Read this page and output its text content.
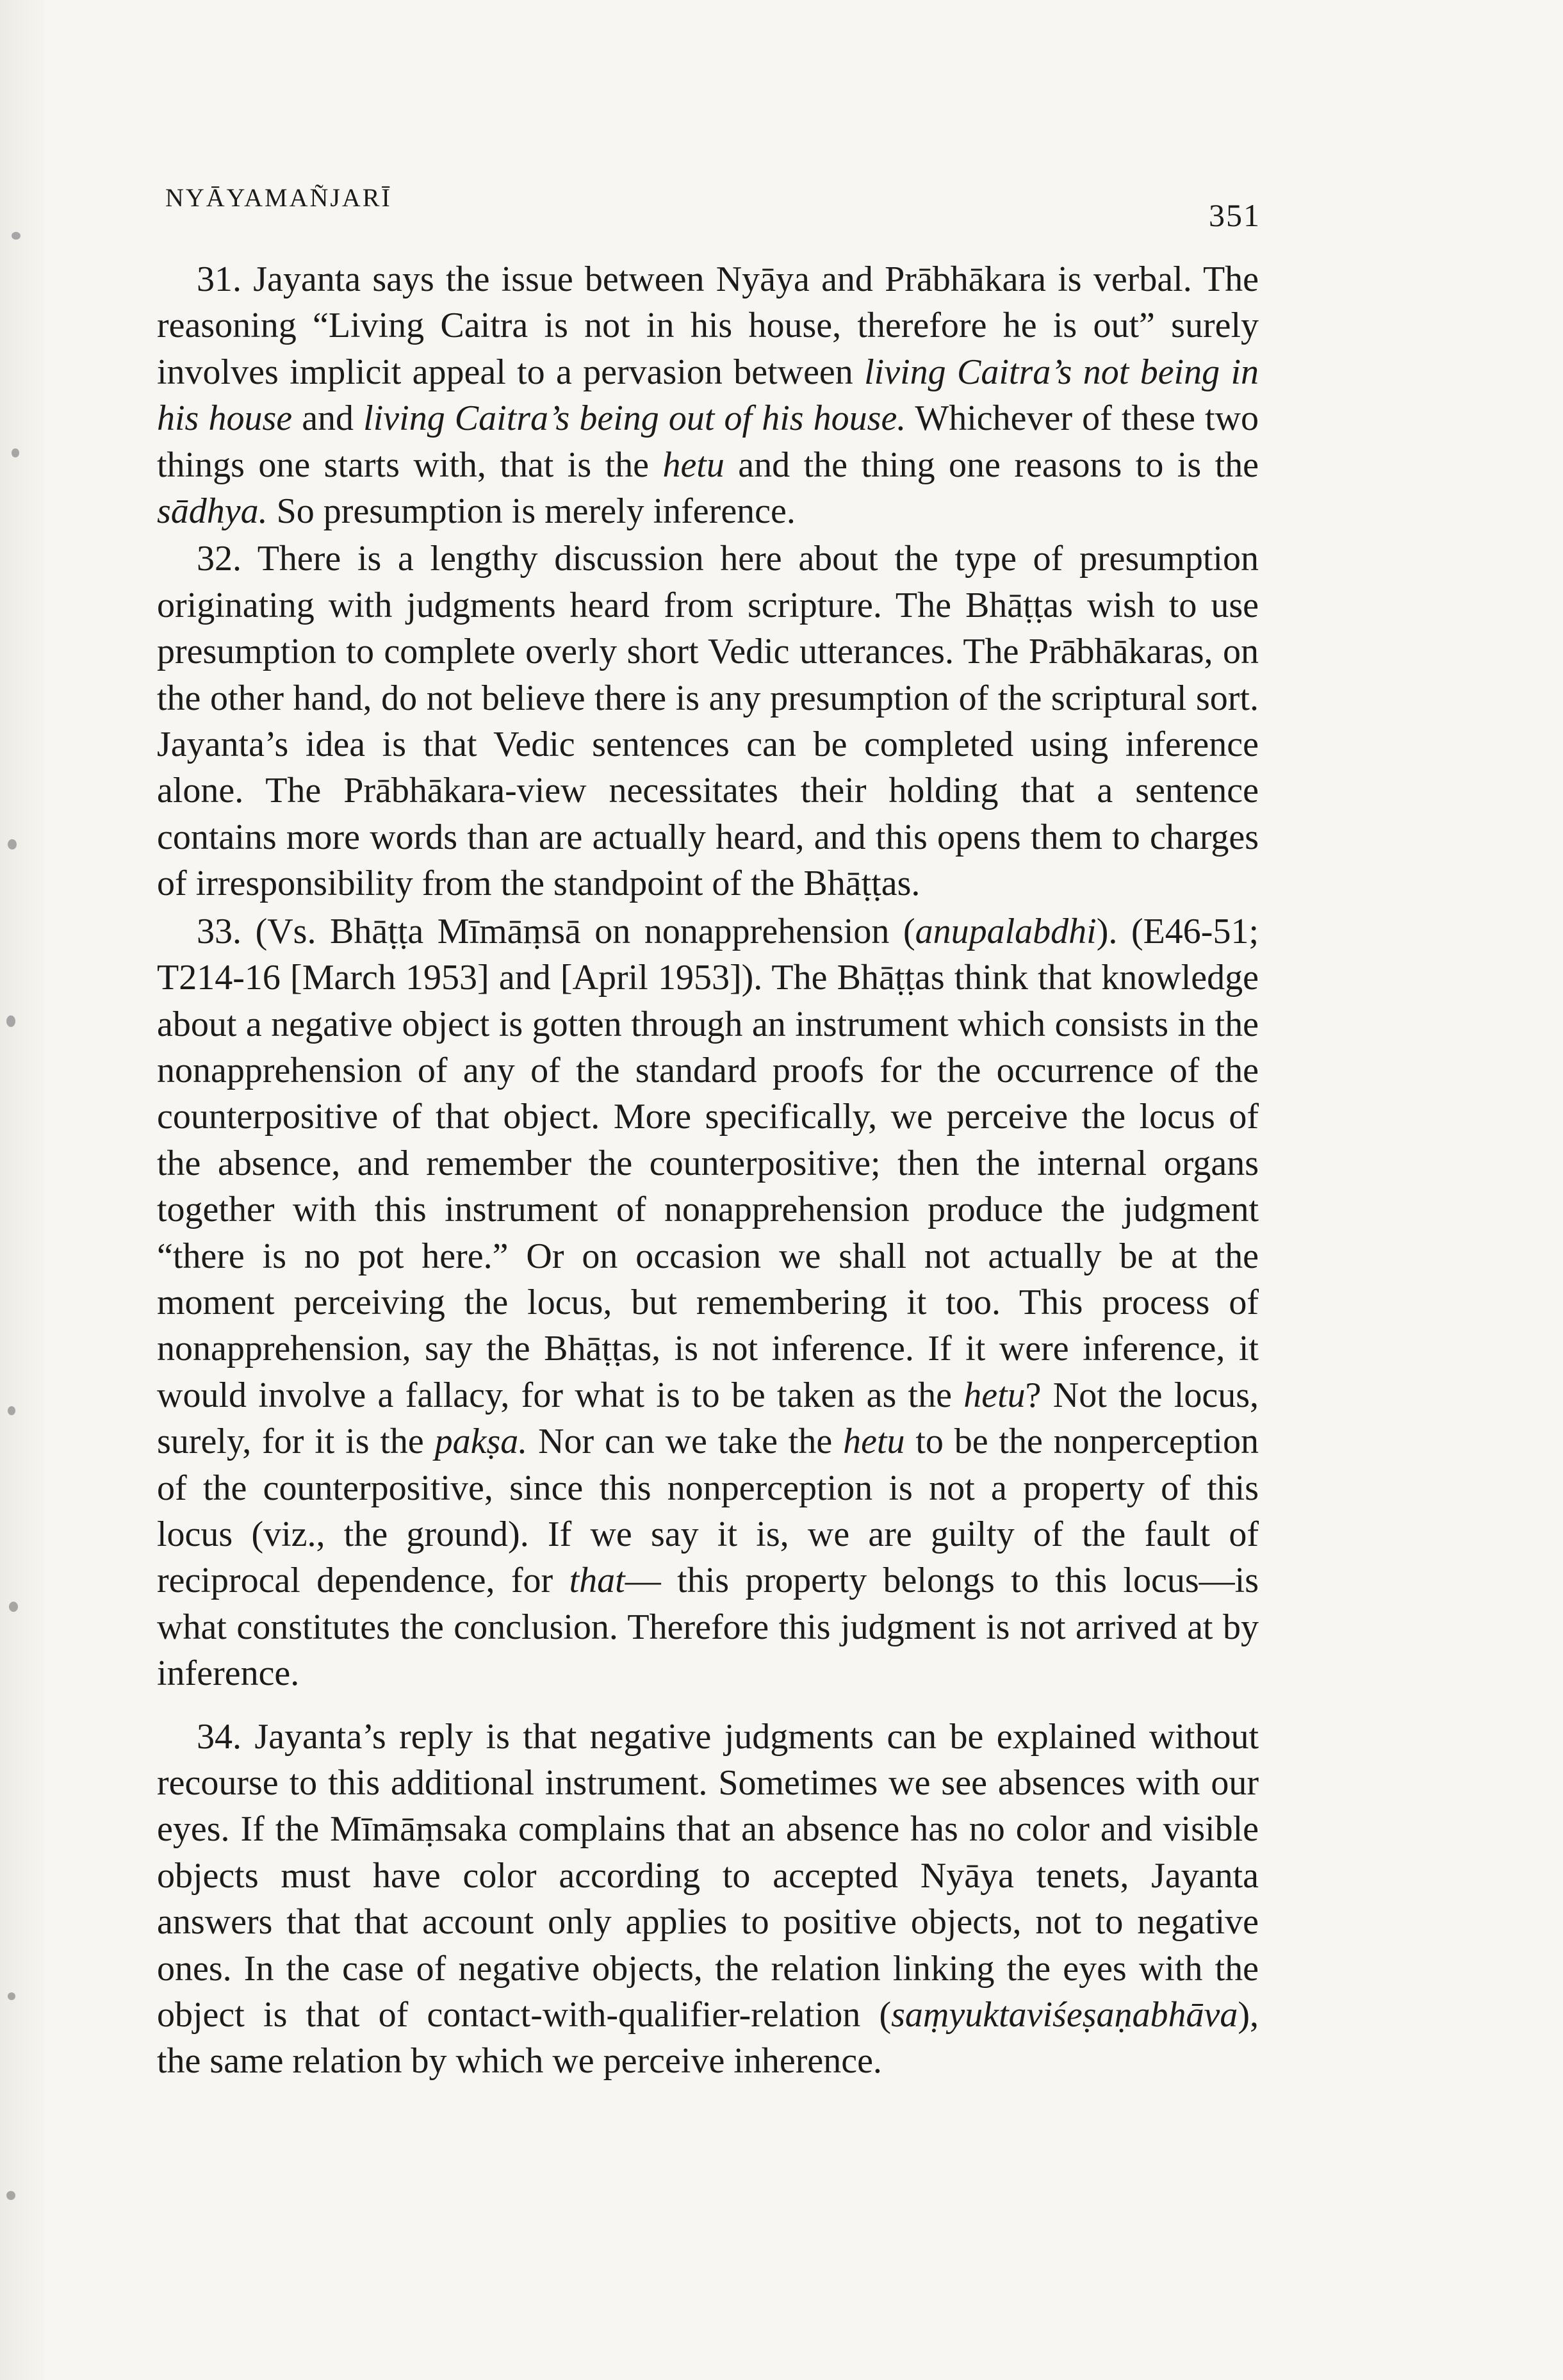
NYĀYAMAÑJARĪ	351

31. Jayanta says the issue between Nyāya and Prābhākara is verbal. The reasoning “Living Caitra is not in his house, therefore he is out” surely involves implicit appeal to a pervasion between living Caitra’s not being in his house and living Caitra’s being out of his house. Whichever of these two things one starts with, that is the hetu and the thing one reasons to is the sādhya. So presumption is merely inference.

32. There is a lengthy discussion here about the type of presumption originating with judgments heard from scripture. The Bhāṭṭas wish to use presumption to complete overly short Vedic utterances. The Prābhākaras, on the other hand, do not believe there is any presumption of the scriptural sort. Jayanta’s idea is that Vedic sentences can be completed using inference alone. The Prābhākara-view necessitates their holding that a sentence contains more words than are actually heard, and this opens them to charges of irresponsibility from the standpoint of the Bhāṭṭas.

33. (Vs. Bhāṭṭa Mīmāṃsā on nonapprehension (anupalabdhi). (E46-51; T214-16 [March 1953] and [April 1953]). The Bhāṭṭas think that knowledge about a negative object is gotten through an instrument which consists in the nonapprehension of any of the standard proofs for the occurrence of the counterpositive of that object. More specifically, we perceive the locus of the absence, and remember the counterpositive; then the internal organs together with this instrument of nonapprehension produce the judgment “there is no pot here.” Or on occasion we shall not actually be at the moment perceiving the locus, but remembering it too. This process of nonapprehension, say the Bhāṭṭas, is not inference. If it were inference, it would involve a fallacy, for what is to be taken as the hetu? Not the locus, surely, for it is the pakṣa. Nor can we take the hetu to be the nonperception of the counterpositive, since this nonperception is not a property of this locus (viz., the ground). If we say it is, we are guilty of the fault of reciprocal dependence, for that— this property belongs to this locus—is what constitutes the conclusion. Therefore this judgment is not arrived at by inference.

34. Jayanta’s reply is that negative judgments can be explained without recourse to this additional instrument. Sometimes we see absences with our eyes. If the Mīmāṃsaka complains that an absence has no color and visible objects must have color according to accepted Nyāya tenets, Jayanta answers that that account only applies to positive objects, not to negative ones. In the case of negative objects, the relation linking the eyes with the object is that of contact-with-qualifier-relation (saṃyuktaviśeṣaṇabhāva), the same relation by which we perceive inherence.
